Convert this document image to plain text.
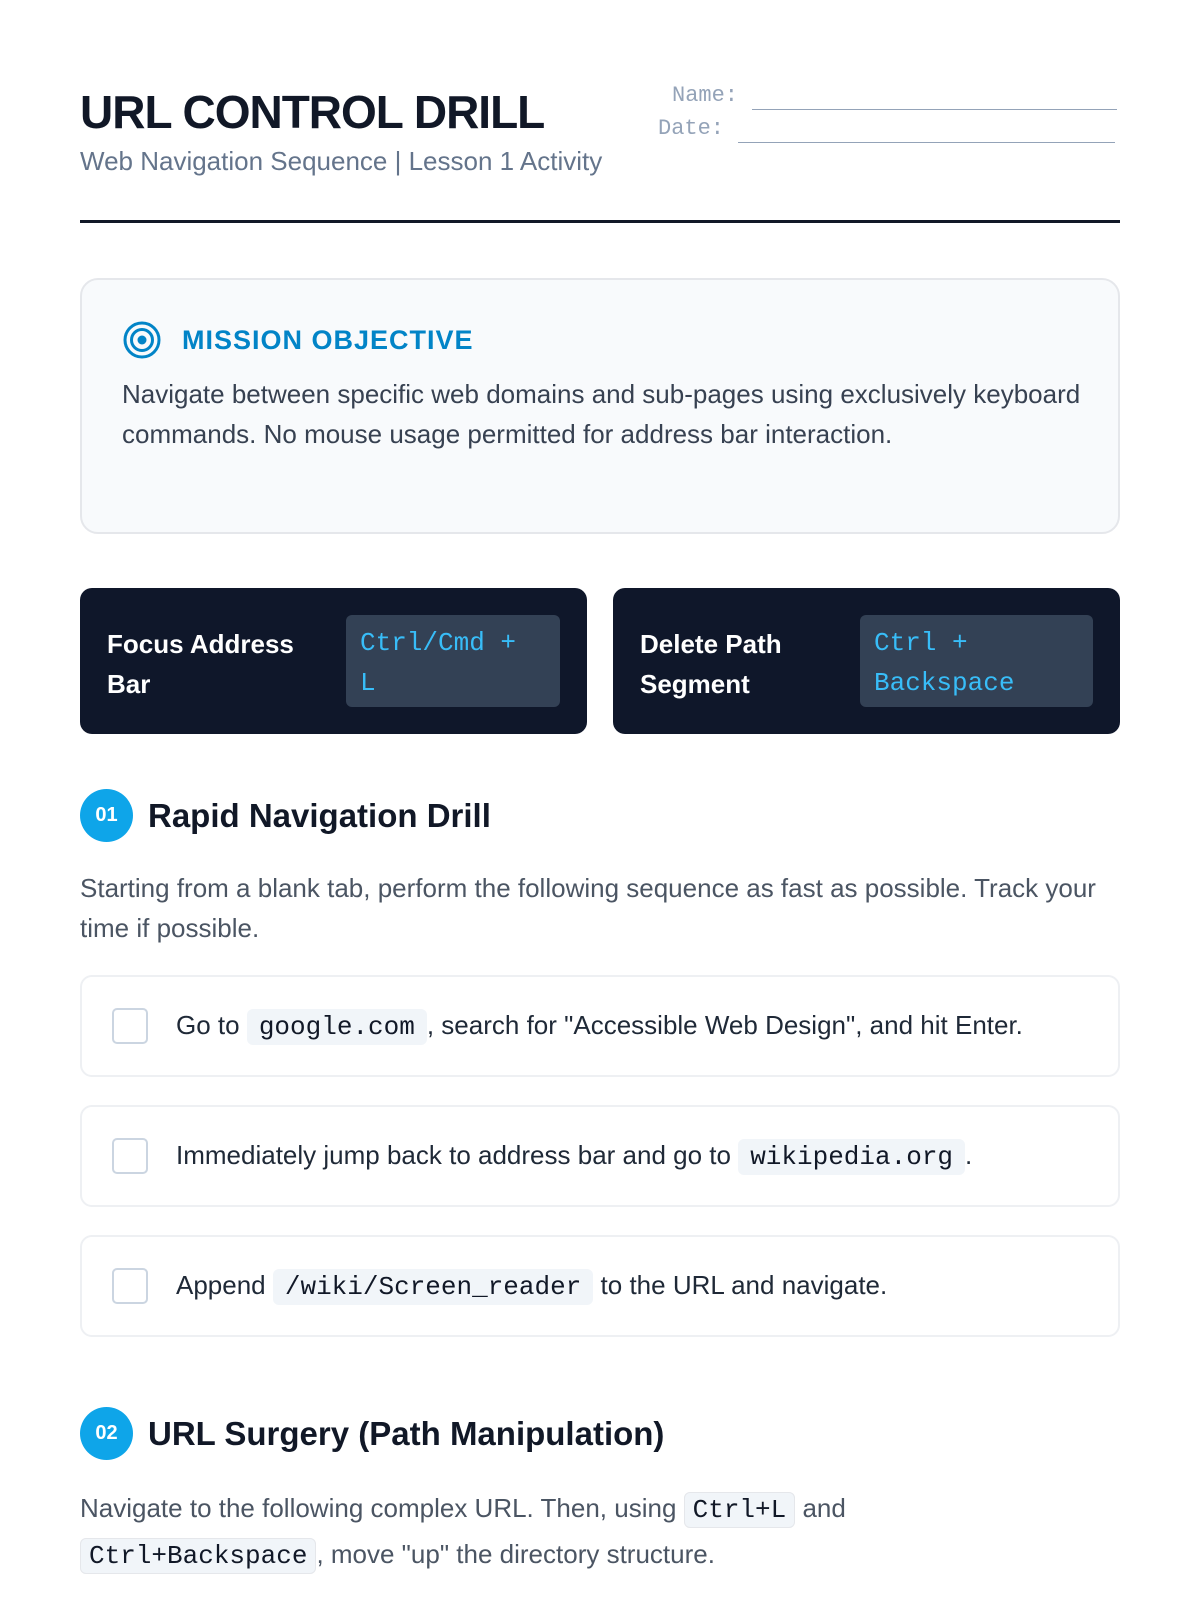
URL CONTROL DRILL
Web Navigation Sequence | Lesson 1 Activity
Name:
Date:
MISSION OBJECTIVE
Navigate between specific web domains and sub-pages using exclusively keyboard commands. No mouse usage permitted for address bar interaction.
Focus Address Bar
Ctrl/Cmd + L
Delete Path Segment
Ctrl + Backspace
01 Rapid Navigation Drill
Starting from a blank tab, perform the following sequence as fast as possible. Track your time if possible.
Go to google.com , search for "Accessible Web Design", and hit Enter.
Immediately jump back to address bar and go to wikipedia.org .
Append /wiki/Screen_reader to the URL and navigate.
02 URL Surgery (Path Manipulation)
Navigate to the following complex URL. Then, using Ctrl+L and
Ctrl+Backspace , move "up" the directory structure.
